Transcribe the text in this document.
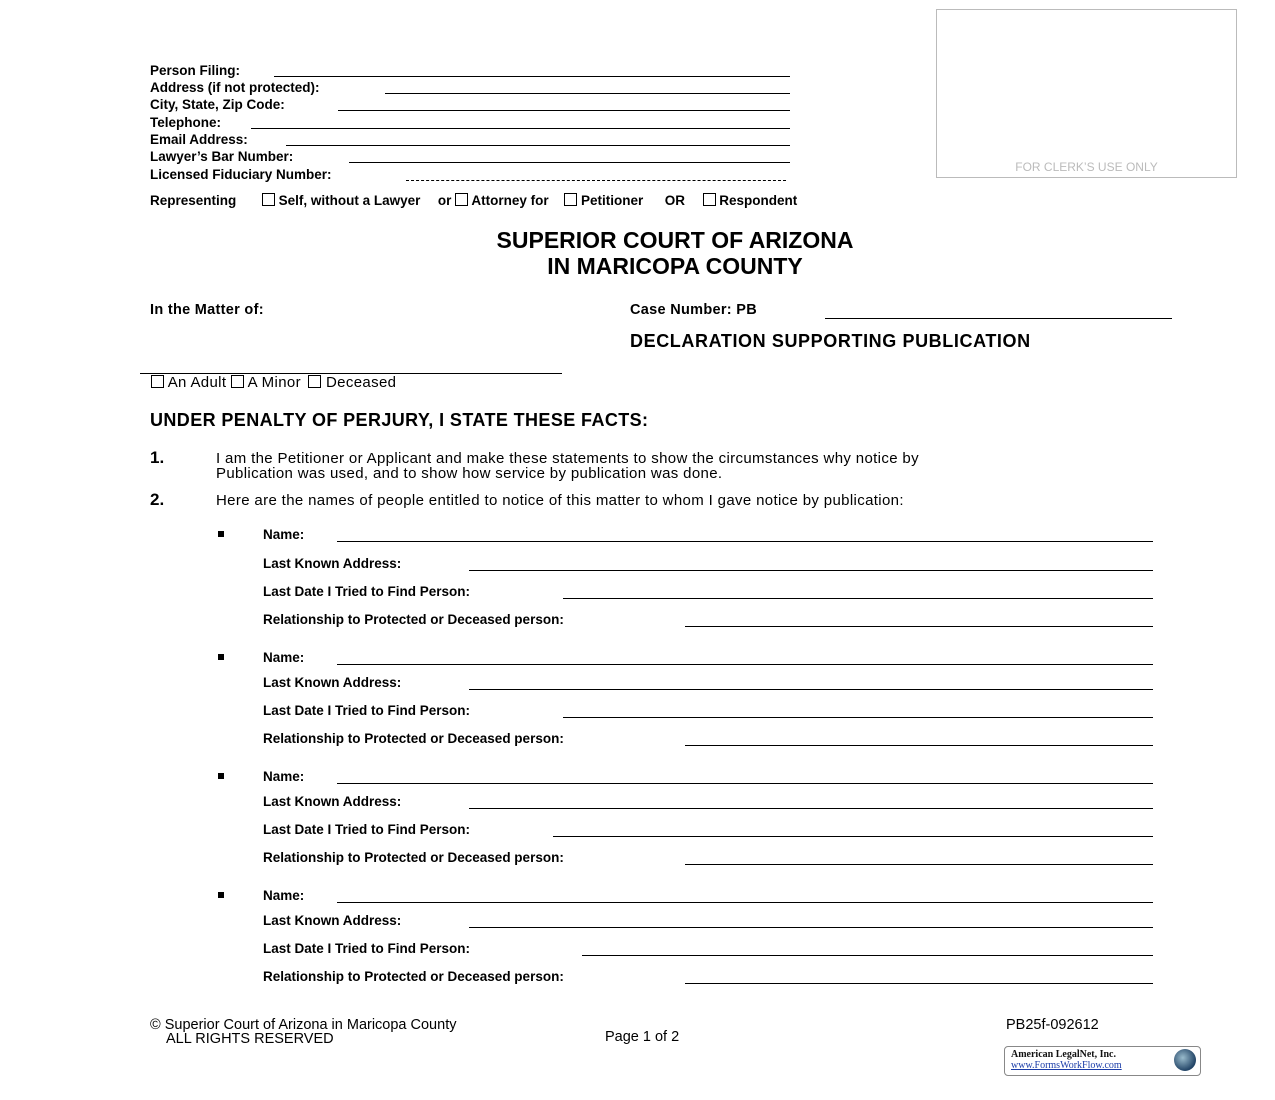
Person Filing:
Address (if not protected):
City, State, Zip Code:
Telephone:
Email Address:
Lawyer’s Bar Number:
Licensed Fiduciary Number:	FOR CLERK’S USE ONLY
Representing	Self, without a Lawyer or Attorney for Petitioner OR	Respondent
SUPERIOR COURT OF ARIZONA
IN MARICOPA COUNTY
In the Matter of:	Case Number: PB
DECLARATION SUPPORTING PUBLICATION
An Adult A Minor Deceased
UNDER PENALTY OF PERJURY, I STATE THESE FACTS:
1.	I am the Petitioner or Applicant and make these statements to show the circumstances why notice by
Publication was used, and to show how service by publication was done.
2.	Here are the names of people entitled to notice of this matter to whom I gave notice by publication:
Name:
Last Known Address:
Last Date I Tried to Find Person:
Relationship to Protected or Deceased person:
Name:
Last Known Address:
Last Date I Tried to Find Person:
Relationship to Protected or Deceased person:
Name:
Last Known Address:
Last Date I Tried to Find Person:
Relationship to Protected or Deceased person:
Name:
Last Known Address:
Last Date I Tried to Find Person:
Relationship to Protected or Deceased person:
© Superior Court of Arizona in Maricopa County
ALL RIGHTS RESERVED	Page 1 of 2
PB25f-092612
American LegalNet, Inc.
www.FormsWorkFlow.com
